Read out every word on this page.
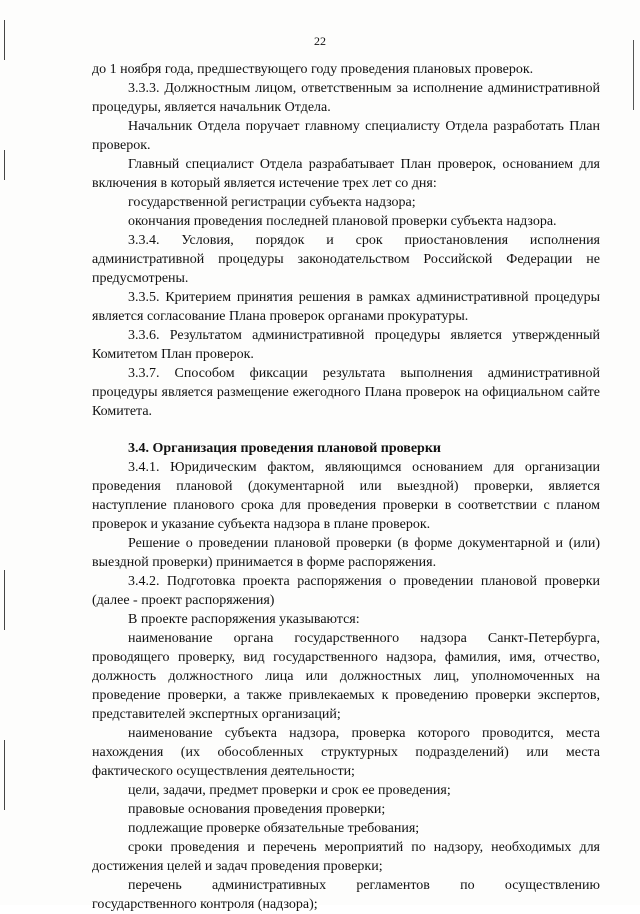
22

до 1 ноября года, предшествующего году проведения плановых проверок.

3.3.3. Должностным лицом, ответственным за исполнение административной процедуры, является начальник Отдела.

Начальник Отдела поручает главному специалисту Отдела разработать План проверок.

Главный специалист Отдела разрабатывает План проверок, основанием для включения в который является истечение трех лет со дня:

государственной регистрации субъекта надзора;

окончания проведения последней плановой проверки субъекта надзора.

3.3.4. Условия, порядок и срок приостановления исполнения административной процедуры законодательством Российской Федерации не предусмотрены.

3.3.5. Критерием принятия решения в рамках административной процедуры является согласование Плана проверок органами прокуратуры.

3.3.6. Результатом административной процедуры является утвержденный Комитетом План проверок.

3.3.7. Способом фиксации результата выполнения административной процедуры является размещение ежегодного Плана проверок на официальном сайте Комитета.

3.4. Организация проведения плановой проверки

3.4.1. Юридическим фактом, являющимся основанием для организации проведения плановой (документарной или выездной) проверки, является наступление планового срока для проведения проверки в соответствии с планом проверок и указание субъекта надзора в плане проверок.

Решение о проведении плановой проверки (в форме документарной и (или) выездной проверки) принимается в форме распоряжения.

3.4.2. Подготовка проекта распоряжения о проведении плановой проверки (далее - проект распоряжения)

В проекте распоряжения указываются:

наименование органа государственного надзора Санкт-Петербурга, проводящего проверку, вид государственного надзора, фамилия, имя, отчество, должность должностного лица или должностных лиц, уполномоченных на проведение проверки, а также привлекаемых к проведению проверки экспертов, представителей экспертных организаций;

наименование субъекта надзора, проверка которого проводится, места нахождения (их обособленных структурных подразделений) или места фактического осуществления деятельности;

цели, задачи, предмет проверки и срок ее проведения;

правовые основания проведения проверки;

подлежащие проверке обязательные требования;

сроки проведения и перечень мероприятий по надзору, необходимых для достижения целей и задач проведения проверки;

перечень административных регламентов по осуществлению государственного контроля (надзора);
